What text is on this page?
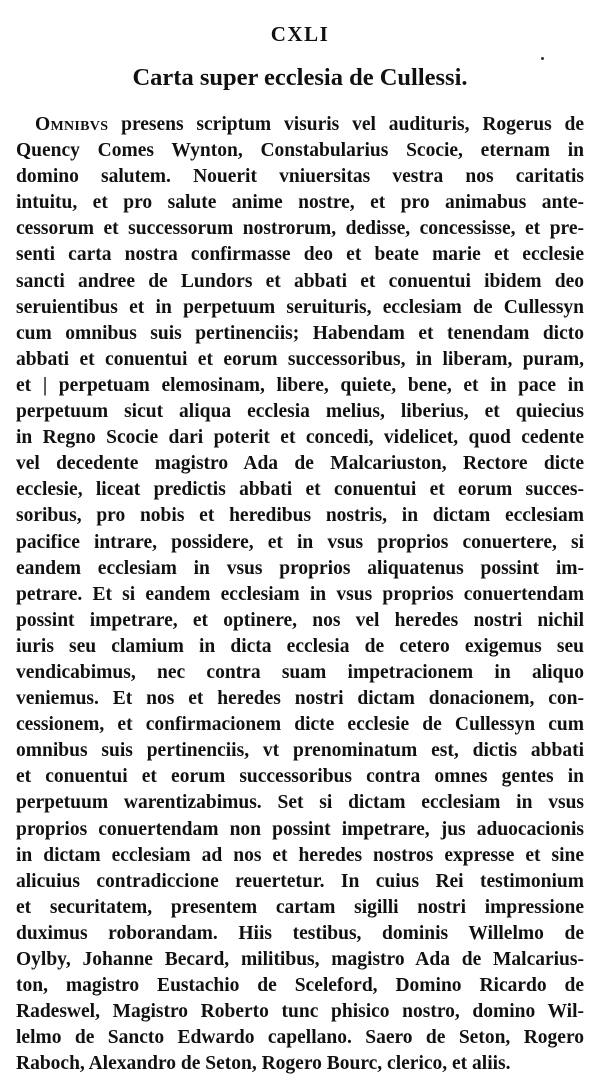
CXLI
Carta super ecclesia de Cullessi.
Omnibvs presens scriptum visuris vel audituris, Rogerus de
Quency Comes Wynton, Constabularius Scocie, eternam in
domino salutem. Nouerit vniuersitas vestra nos caritatis
intuitu, et pro salute anime nostre, et pro animabus ante-
cessorum et successorum nostrorum, dedisse, concessisse, et pre-
senti carta nostra confirmasse deo et beate marie et ecclesie
sancti andree de Lundors et abbati et conuentui ibidem deo
seruientibus et in perpetuum seruituris, ecclesiam de Cullessyn
cum omnibus suis pertinenciis; Habendam et tenendam dicto
abbati et conuentui et eorum successoribus, in liberam, puram,
et | perpetuam elemosinam, libere, quiete, bene, et in pace in
perpetuum sicut aliqua ecclesia melius, liberius, et quiecius
in Regno Scocie dari poterit et concedi, videlicet, quod cedente
vel decedente magistro Ada de Malcariuston, Rectore dicte
ecclesie, liceat predictis abbati et conuentui et eorum succes-
soribus, pro nobis et heredibus nostris, in dictam ecclesiam
pacifice intrare, possidere, et in vsus proprios conuertere, si
eandem ecclesiam in vsus proprios aliquatenus possint im-
petrare. Et si eandem ecclesiam in vsus proprios conuertendam
possint impetrare, et optinere, nos vel heredes nostri nichil
iuris seu clamium in dicta ecclesia de cetero exigemus seu
vendicabimus, nec contra suam impetracionem in aliquo
veniemus. Et nos et heredes nostri dictam donacionem, con-
cessionem, et confirmacionem dicte ecclesie de Cullessyn cum
omnibus suis pertinenciis, vt prenominatum est, dictis abbati
et conuentui et eorum successoribus contra omnes gentes in
perpetuum warentizabimus. Set si dictam ecclesiam in vsus
proprios conuertendam non possint impetrare, jus aduocacionis
in dictam ecclesiam ad nos et heredes nostros expresse et sine
alicuius contradiccione reuertetur. In cuius Rei testimonium
et securitatem, presentem cartam sigilli nostri impressione
duximus roborandam. Hiis testibus, dominis Willelmo de
Oylby, Johanne Becard, militibus, magistro Ada de Malcarius-
ton, magistro Eustachio de Sceleford, Domino Ricardo de
Radeswel, Magistro Roberto tunc phisico nostro, domino Wil-
lelmo de Sancto Edwardo capellano. Saero de Seton, Rogero
Raboch, Alexandro de Seton, Rogero Bourc, clerico, et aliis.
